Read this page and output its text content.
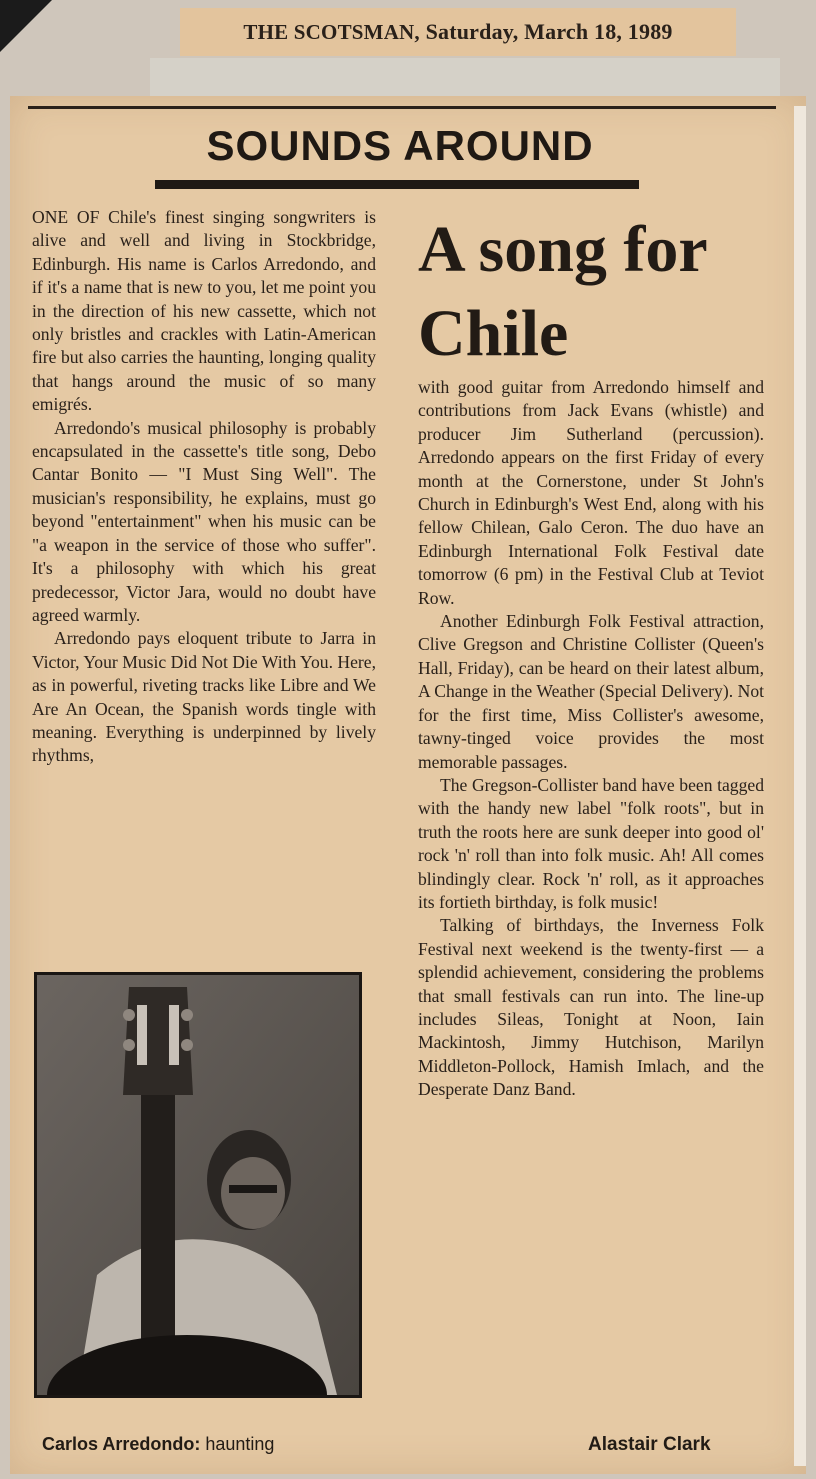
THE SCOTSMAN, Saturday, March 18, 1989
SOUNDS AROUND

ONE OF Chile's finest singing songwriters is alive and well and living in Stockbridge, Edinburgh. His name is Carlos Arredondo, and if it's a name that is new to you, let me point you in the direction of his new cassette, which not only bristles and crackles with Latin-American fire but also carries the haunting, longing quality that hangs around the music of so many emigrés.

Arredondo's musical philosophy is probably encapsulated in the cassette's title song, Debo Cantar Bonito — "I Must Sing Well". The musician's responsibility, he explains, must go beyond "entertainment" when his music can be "a weapon in the service of those who suffer". It's a philosophy with which his great predecessor, Victor Jara, would no doubt have agreed warmly.

Arredondo pays eloquent tribute to Jarra in Victor, Your Music Did Not Die With You. Here, as in powerful, riveting tracks like Libre and We Are An Ocean, the Spanish words tingle with meaning. Everything is underpinned by lively rhythms,

A song for Chile

with good guitar from Arredondo himself and contributions from Jack Evans (whistle) and producer Jim Sutherland (percussion). Arredondo appears on the first Friday of every month at the Cornerstone, under St John's Church in Edinburgh's West End, along with his fellow Chilean, Galo Ceron. The duo have an Edinburgh International Folk Festival date tomorrow (6 pm) in the Festival Club at Teviot Row.

Another Edinburgh Folk Festival attraction, Clive Gregson and Christine Collister (Queen's Hall, Friday), can be heard on their latest album, A Change in the Weather (Special Delivery). Not for the first time, Miss Collister's awesome, tawny-tinged voice provides the most memorable passages.

The Gregson-Collister band have been tagged with the handy new label "folk roots", but in truth the roots here are sunk deeper into good ol' rock 'n' roll than into folk music. Ah! All comes blindingly clear. Rock 'n' roll, as it approaches its fortieth birthday, is folk music!

Talking of birthdays, the Inverness Folk Festival next weekend is the twenty-first — a splendid achievement, considering the problems that small festivals can run into. The line-up includes Sileas, Tonight at Noon, Iain Mackintosh, Jimmy Hutchison, Marilyn Middleton-Pollock, Hamish Imlach, and the Desperate Danz Band.

Carlos Arredondo: haunting	Alastair Clark
